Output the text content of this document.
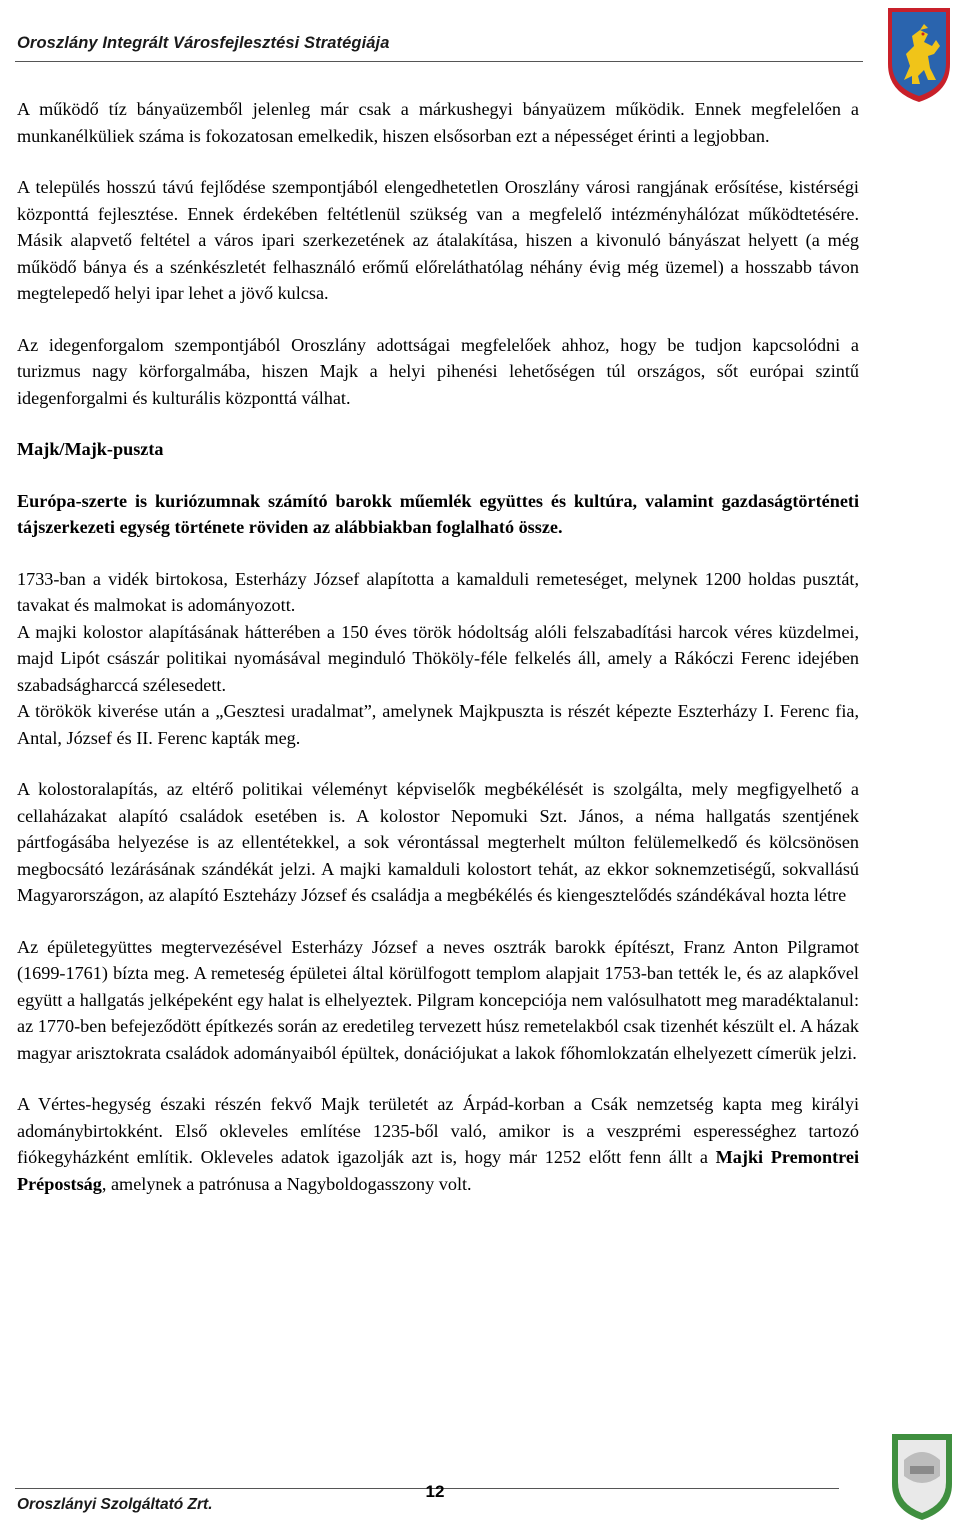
Oroszlány Integrált Városfejlesztési Stratégiája

A működő tíz bányaüzemből jelenleg már csak a márkushegyi bányaüzem működik. Ennek megfelelően a munkanélküliek száma is fokozatosan emelkedik, hiszen elsősorban ezt a népességet érinti a legjobban.

A település hosszú távú fejlődése szempontjából elengedhetetlen Oroszlány városi rangjának erősítése, kistérségi központtá fejlesztése. Ennek érdekében feltétlenül szükség van a megfelelő intézményhálózat működtetésére. Másik alapvető feltétel a város ipari szerkezetének az átalakítása, hiszen a kivonuló bányászat helyett (a még működő bánya és a szénkészletét felhasználó erőmű előreláthatólag néhány évig még üzemel) a hosszabb távon megtelepedő helyi ipar lehet a jövő kulcsa.

Az idegenforgalom szempontjából Oroszlány adottságai megfelelőek ahhoz, hogy be tudjon kapcsolódni a turizmus nagy körforgalmába, hiszen Majk a helyi pihenési lehetőségen túl országos, sőt európai szintű idegenforgalmi és kulturális központtá válhat.

Majk/Majk-puszta

Európa-szerte is kuriózumnak számító barokk műemlék együttes és kultúra, valamint gazdaságtörténeti tájszerkezeti egység története röviden az alábbiakban foglalható össze.

1733-ban a vidék birtokosa, Esterházy József alapította a kamalduli remeteséget, melynek 1200 holdas pusztát, tavakat és malmokat is adományozott.

A majki kolostor alapításának hátterében a 150 éves török hódoltság alóli felszabadítási harcok véres küzdelmei, majd Lipót császár politikai nyomásával meginduló Thököly-féle felkelés áll, amely a Rákóczi Ferenc idejében szabadságharccá szélesedett.

A törökök kiverése után a „Gesztesi uradalmat”, amelynek Majkpuszta is részét képezte Eszterházy I. Ferenc fia, Antal, József és II. Ferenc kapták meg.

A kolostoralapítás, az eltérő politikai véleményt képviselők megbékélését is szolgálta, mely megfigyelhető a cellaházakat alapító családok esetében is. A kolostor Nepomuki Szt. János, a néma hallgatás szentjének pártfogásába helyezése is az ellentétekkel, a sok vérontással megterhelt múlton felülemelkedő és kölcsönösen megbocsátó lezárásának szándékát jelzi. A majki kamalduli kolostort tehát, az ekkor soknemzetiségű, sokvallású Magyarországon, az alapító Eszteházy József és családja a megbékélés és kiengesztelődés szándékával hozta létre

Az épületegyüttes megtervezésével Esterházy József a neves osztrák barokk építészt, Franz Anton Pilgramot (1699-1761) bízta meg. A remeteség épületei által körülfogott templom alapjait 1753-ban tették le, és az alapkővel együtt a hallgatás jelképeként egy halat is elhelyeztek. Pilgram koncepciója nem valósulhatott meg maradéktalanul: az 1770-ben befejeződött építkezés során az eredetileg tervezett húsz remetelakból csak tizenhét készült el. A házak magyar arisztokrata családok adományaiból épültek, donációjukat a lakok főhomlokzatán elhelyezett címerük jelzi.

A Vértes-hegység északi részén fekvő Majk területét az Árpád-korban a Csák nemzetség kapta meg királyi adománybirtokként. Első okleveles említése 1235-ből való, amikor is a veszprémi esperességhez tartozó fiókegyházként említik. Okleveles adatok igazolják azt is, hogy már 1252 előtt fenn állt a Majki Premontrei Prépostság, amelynek a patrónusa a Nagyboldogasszony volt.

12
Oroszlányi Szolgáltató Zrt.
